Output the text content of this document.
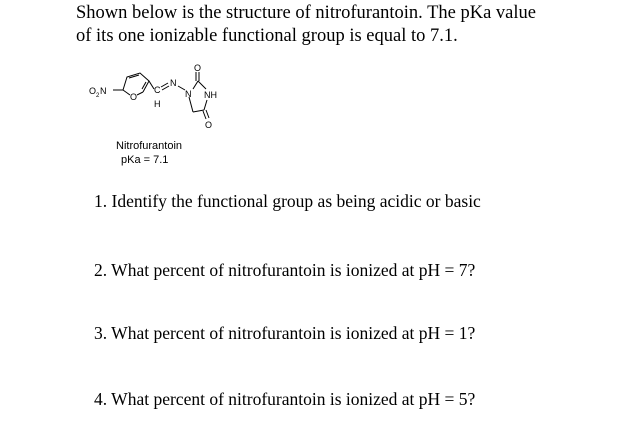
Shown below is the structure of nitrofurantoin. The pKa value
of its one ionizable functional group is equal to 7.1.
O 2 N
O
C
H
N
N NH
O
O
Nitrofurantoin
pKa = 7.1
1. Identify the functional group as being acidic or basic
2. What percent of nitrofurantoin is ionized at pH = 7?
3. What percent of nitrofurantoin is ionized at pH = 1?
4. What percent of nitrofurantoin is ionized at pH = 5?
